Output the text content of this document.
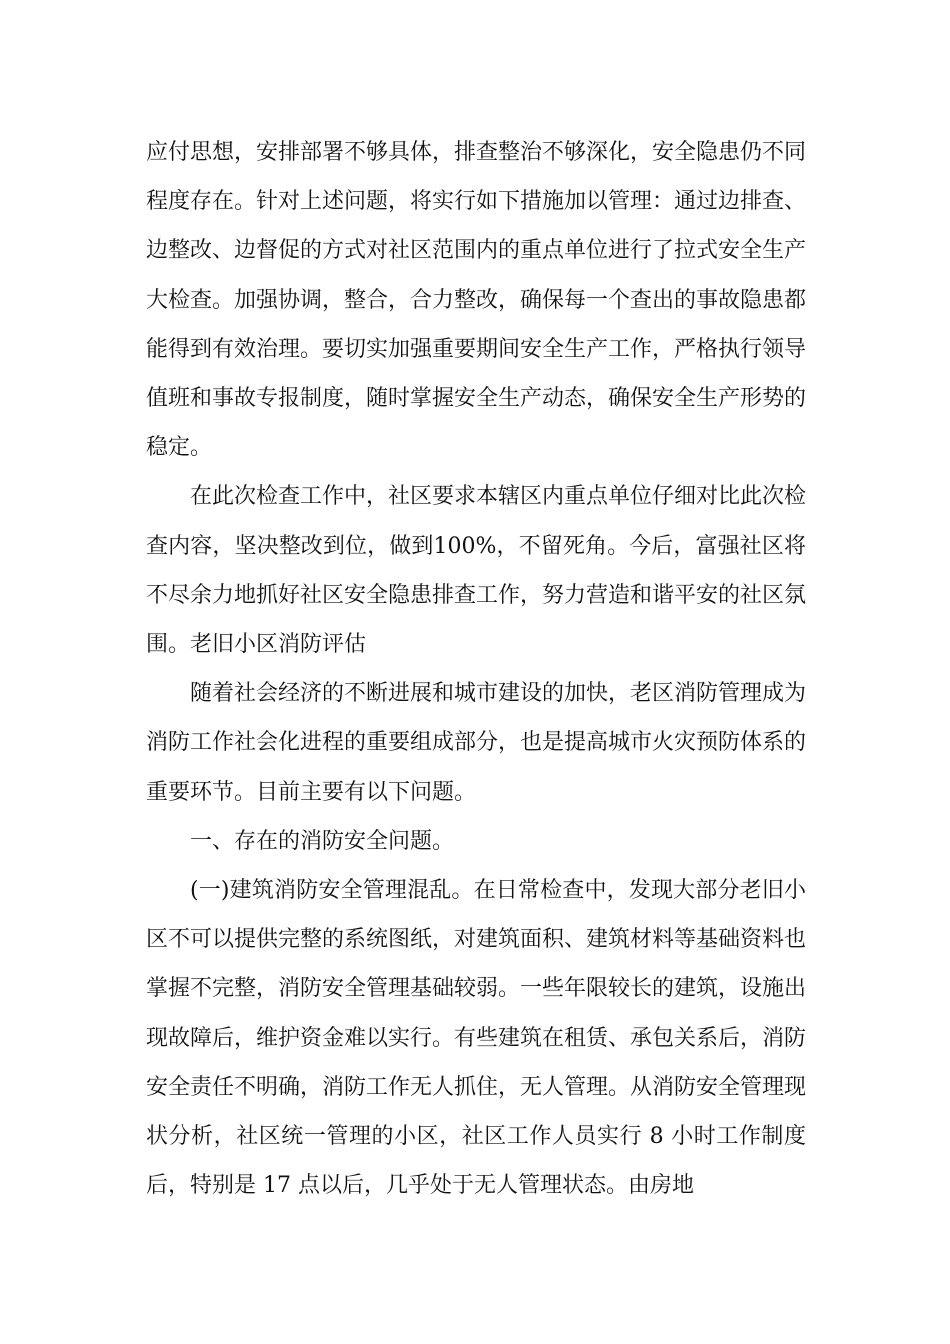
应付思想，安排部署不够具体，排查整治不够深化，安全隐患仍不同程度存在。针对上述问题，将实行如下措施加以管理：通过边排查、边整改、边督促的方式对社区范围内的重点单位进行了拉式安全生产大检查。加强协调，整合，合力整改，确保每一个查出的事故隐患都能得到有效治理。要切实加强重要期间安全生产工作，严格执行领导值班和事故专报制度，随时掌握安全生产动态，确保安全生产形势的稳定。

在此次检查工作中，社区要求本辖区内重点单位仔细对比此次检查内容，坚决整改到位，做到100%，不留死角。今后，富强社区将不尽余力地抓好社区安全隐患排查工作，努力营造和谐平安的社区氛围。老旧小区消防评估

随着社会经济的不断进展和城市建设的加快，老区消防管理成为消防工作社会化进程的重要组成部分，也是提高城市火灾预防体系的重要环节。目前主要有以下问题。

一、存在的消防安全问题。

(一)建筑消防安全管理混乱。在日常检查中，发现大部分老旧小区不可以提供完整的系统图纸，对建筑面积、建筑材料等基础资料也掌握不完整，消防安全管理基础较弱。一些年限较长的建筑，设施出现故障后，维护资金难以实行。有些建筑在租赁、承包关系后，消防安全责任不明确，消防工作无人抓住，无人管理。从消防安全管理现状分析，社区统一管理的小区，社区工作人员实行 8 小时工作制度后，特别是 17 点以后，几乎处于无人管理状态。由房地
